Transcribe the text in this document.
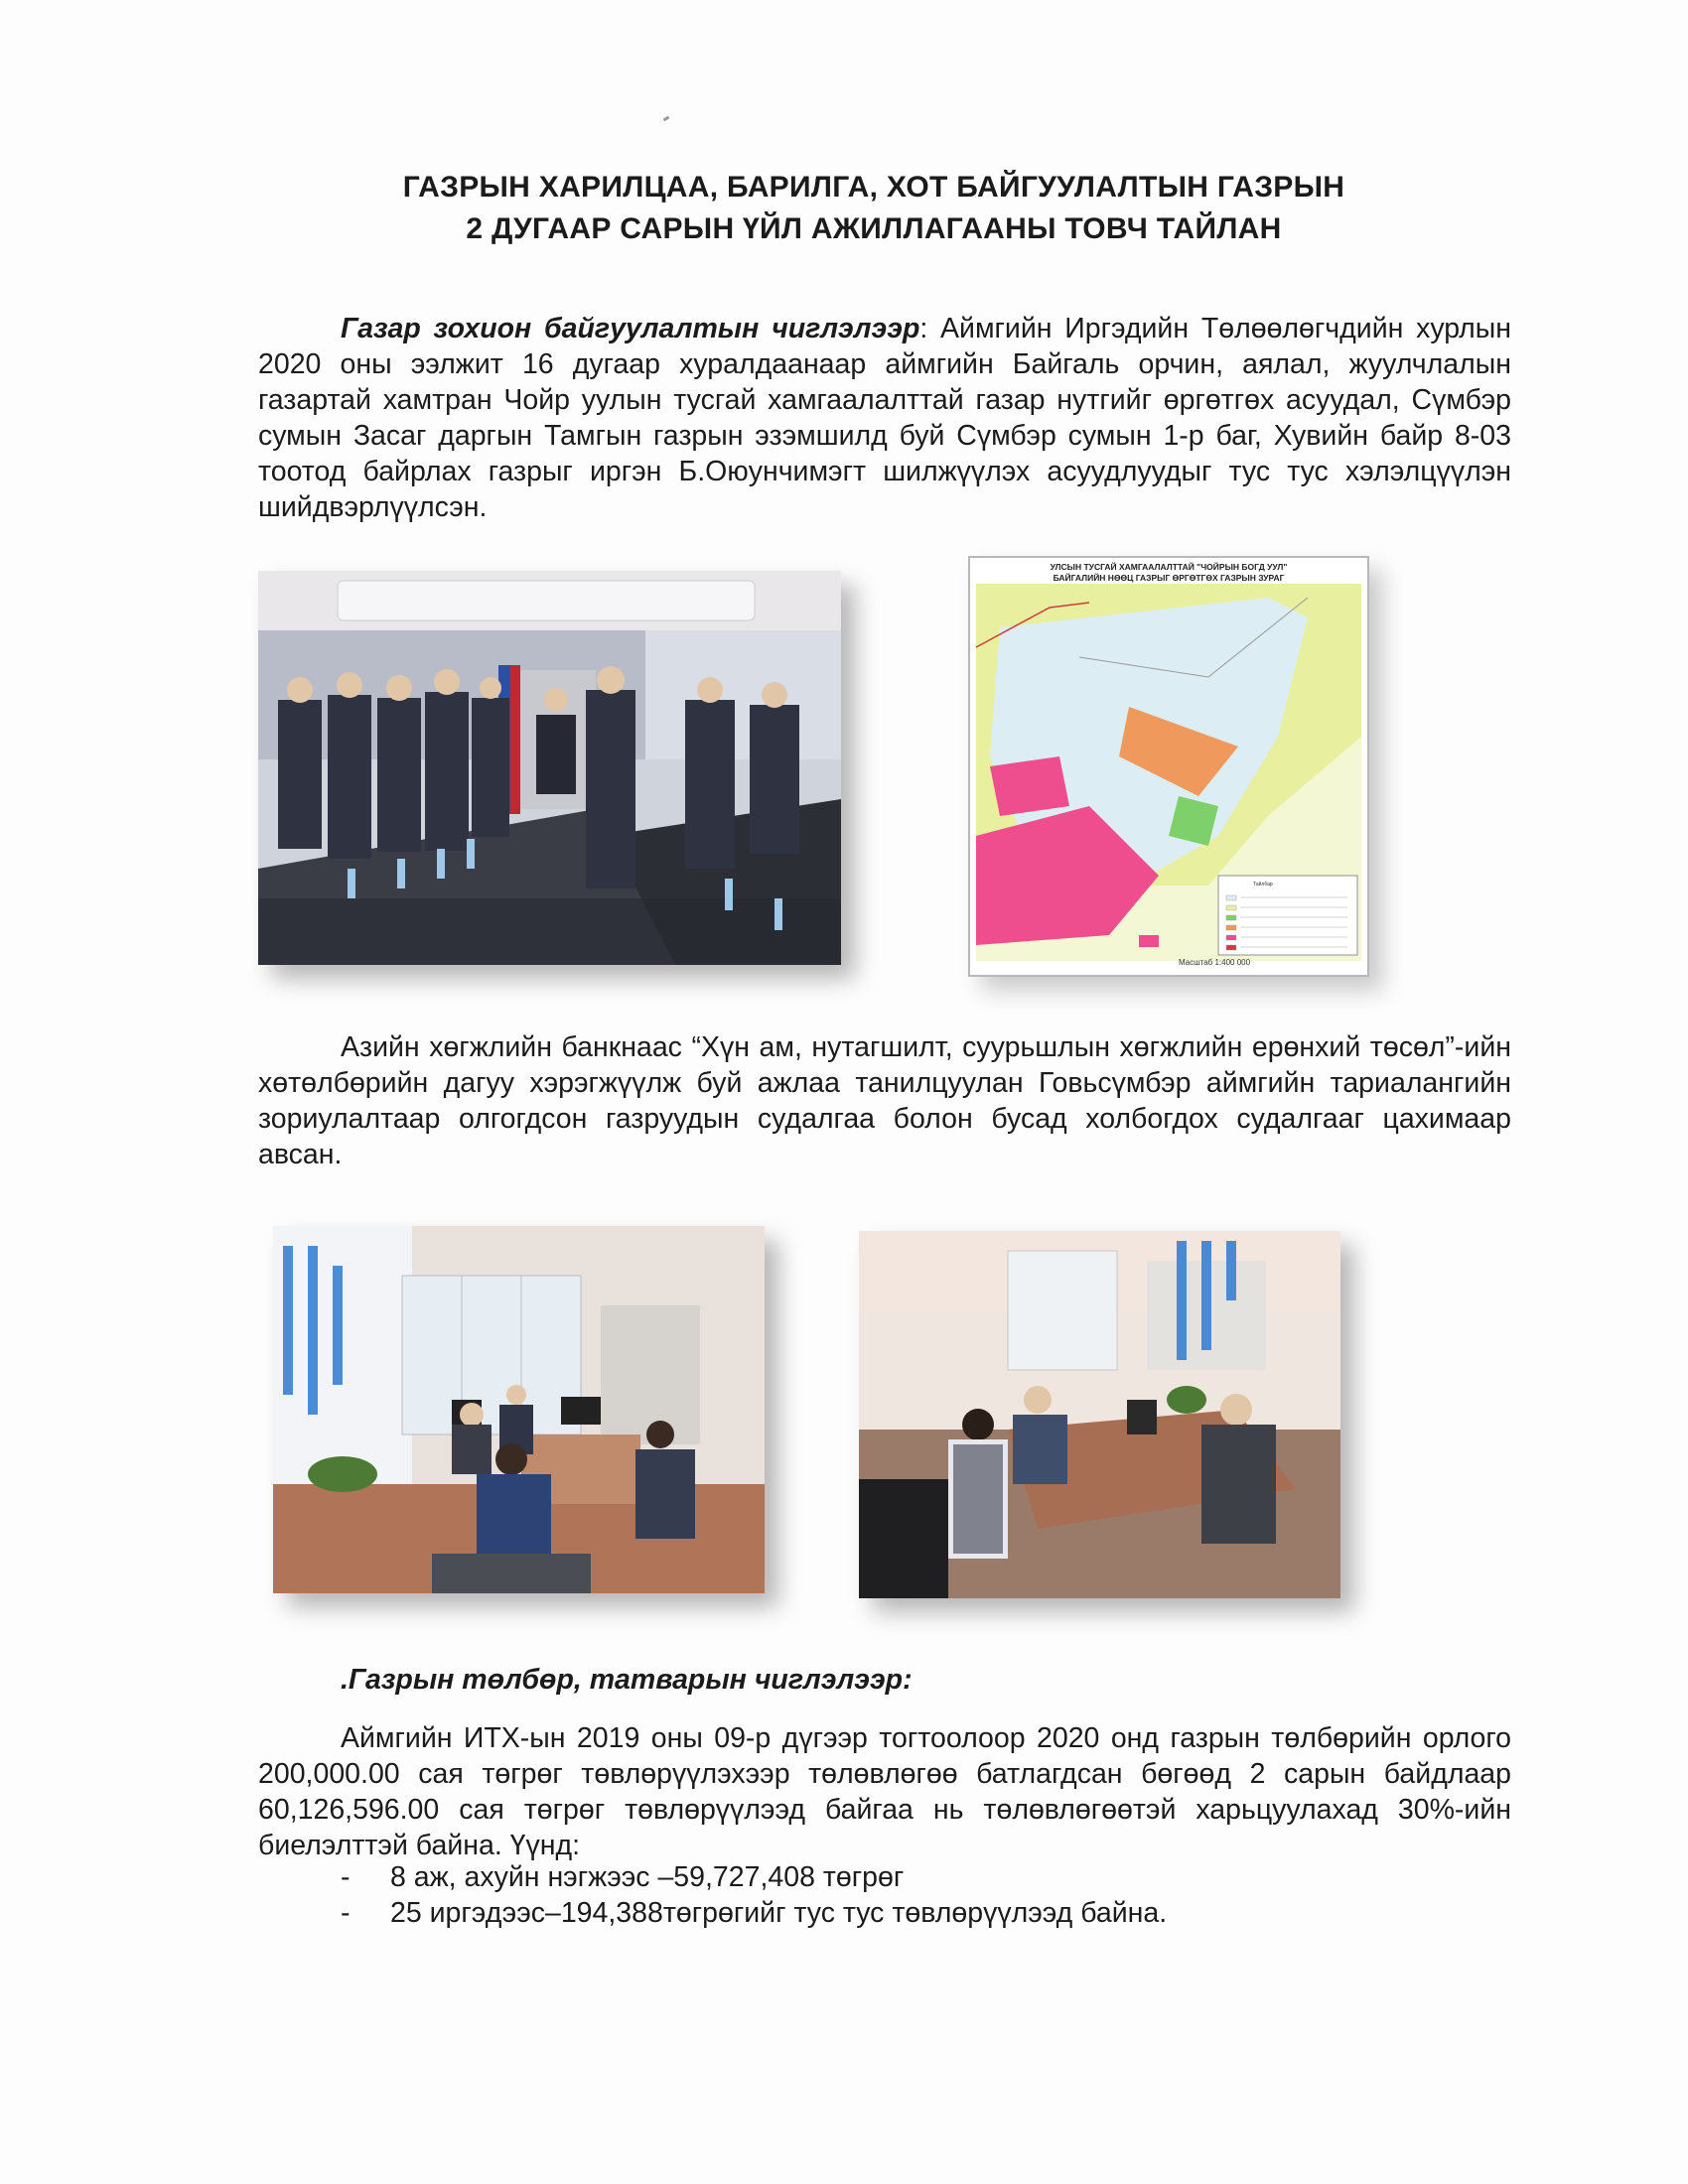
ГАЗРЫН ХАРИЛЦАА, БАРИЛГА, ХОТ БАЙГУУЛАЛТЫН ГАЗРЫН
2 ДУГААР САРЫН ҮЙЛ АЖИЛЛАГААНЫ ТОВЧ ТАЙЛАН
Газар зохион байгуулалтын чиглэлээр: Аймгийн Иргэдийн Төлөөлөгчдийн хурлын 2020 оны ээлжит 16 дугаар хуралдаанаар аймгийн Байгаль орчин, аялал, жуулчлалын газартай хамтран Чойр уулын тусгай хамгаалалттай газар нутгийг өргөтгөх асуудал, Сүмбэр сумын Засаг даргын Тамгын газрын эзэмшилд буй Сүмбэр сумын 1-р баг, Хувийн байр 8-03 тоотод байрлах газрыг иргэн Б.Оюунчимэгт шилжүүлэх асуудлуудыг тус тус хэлэлцүүлэн шийдвэрлүүлсэн.
УЛСЫН ТУСГАЙ ХАМГААЛАЛТТАЙ "ЧОЙРЫН БОГД УУЛ"
БАЙГАЛИЙН НӨӨЦ ГАЗРЫГ ӨРГӨТГӨХ ГАЗРЫН ЗУРАГ
Тайлбар
Масштаб 1:400 000
Азийн хөгжлийн банкнаас “Хүн ам, нутагшилт, суурьшлын хөгжлийн ерөнхий төсөл”-ийн хөтөлбөрийн дагуу хэрэгжүүлж буй ажлаа танилцуулан Говьсүмбэр аймгийн тариалангийн зориулалтаар олгогдсон газруудын судалгаа болон бусад холбогдох судалгааг цахимаар авсан.
.Газрын төлбөр, татварын чиглэлээр:
Аймгийн ИТХ-ын 2019 оны 09-р дүгээр тогтоолоор 2020 онд газрын төлбөрийн орлого 200,000.00 сая төгрөг төвлөрүүлэхээр төлөвлөгөө батлагдсан бөгөөд 2 сарын байдлаар 60,126,596.00 сая төгрөг төвлөрүүлээд байгаа нь төлөвлөгөөтэй харьцуулахад 30%-ийн биелэлттэй байна. Үүнд:
- 8 аж, ахуйн нэгжээс –59,727,408 төгрөг
- 25 иргэдээс–194,388төгрөгийг тус тус төвлөрүүлээд байна.
